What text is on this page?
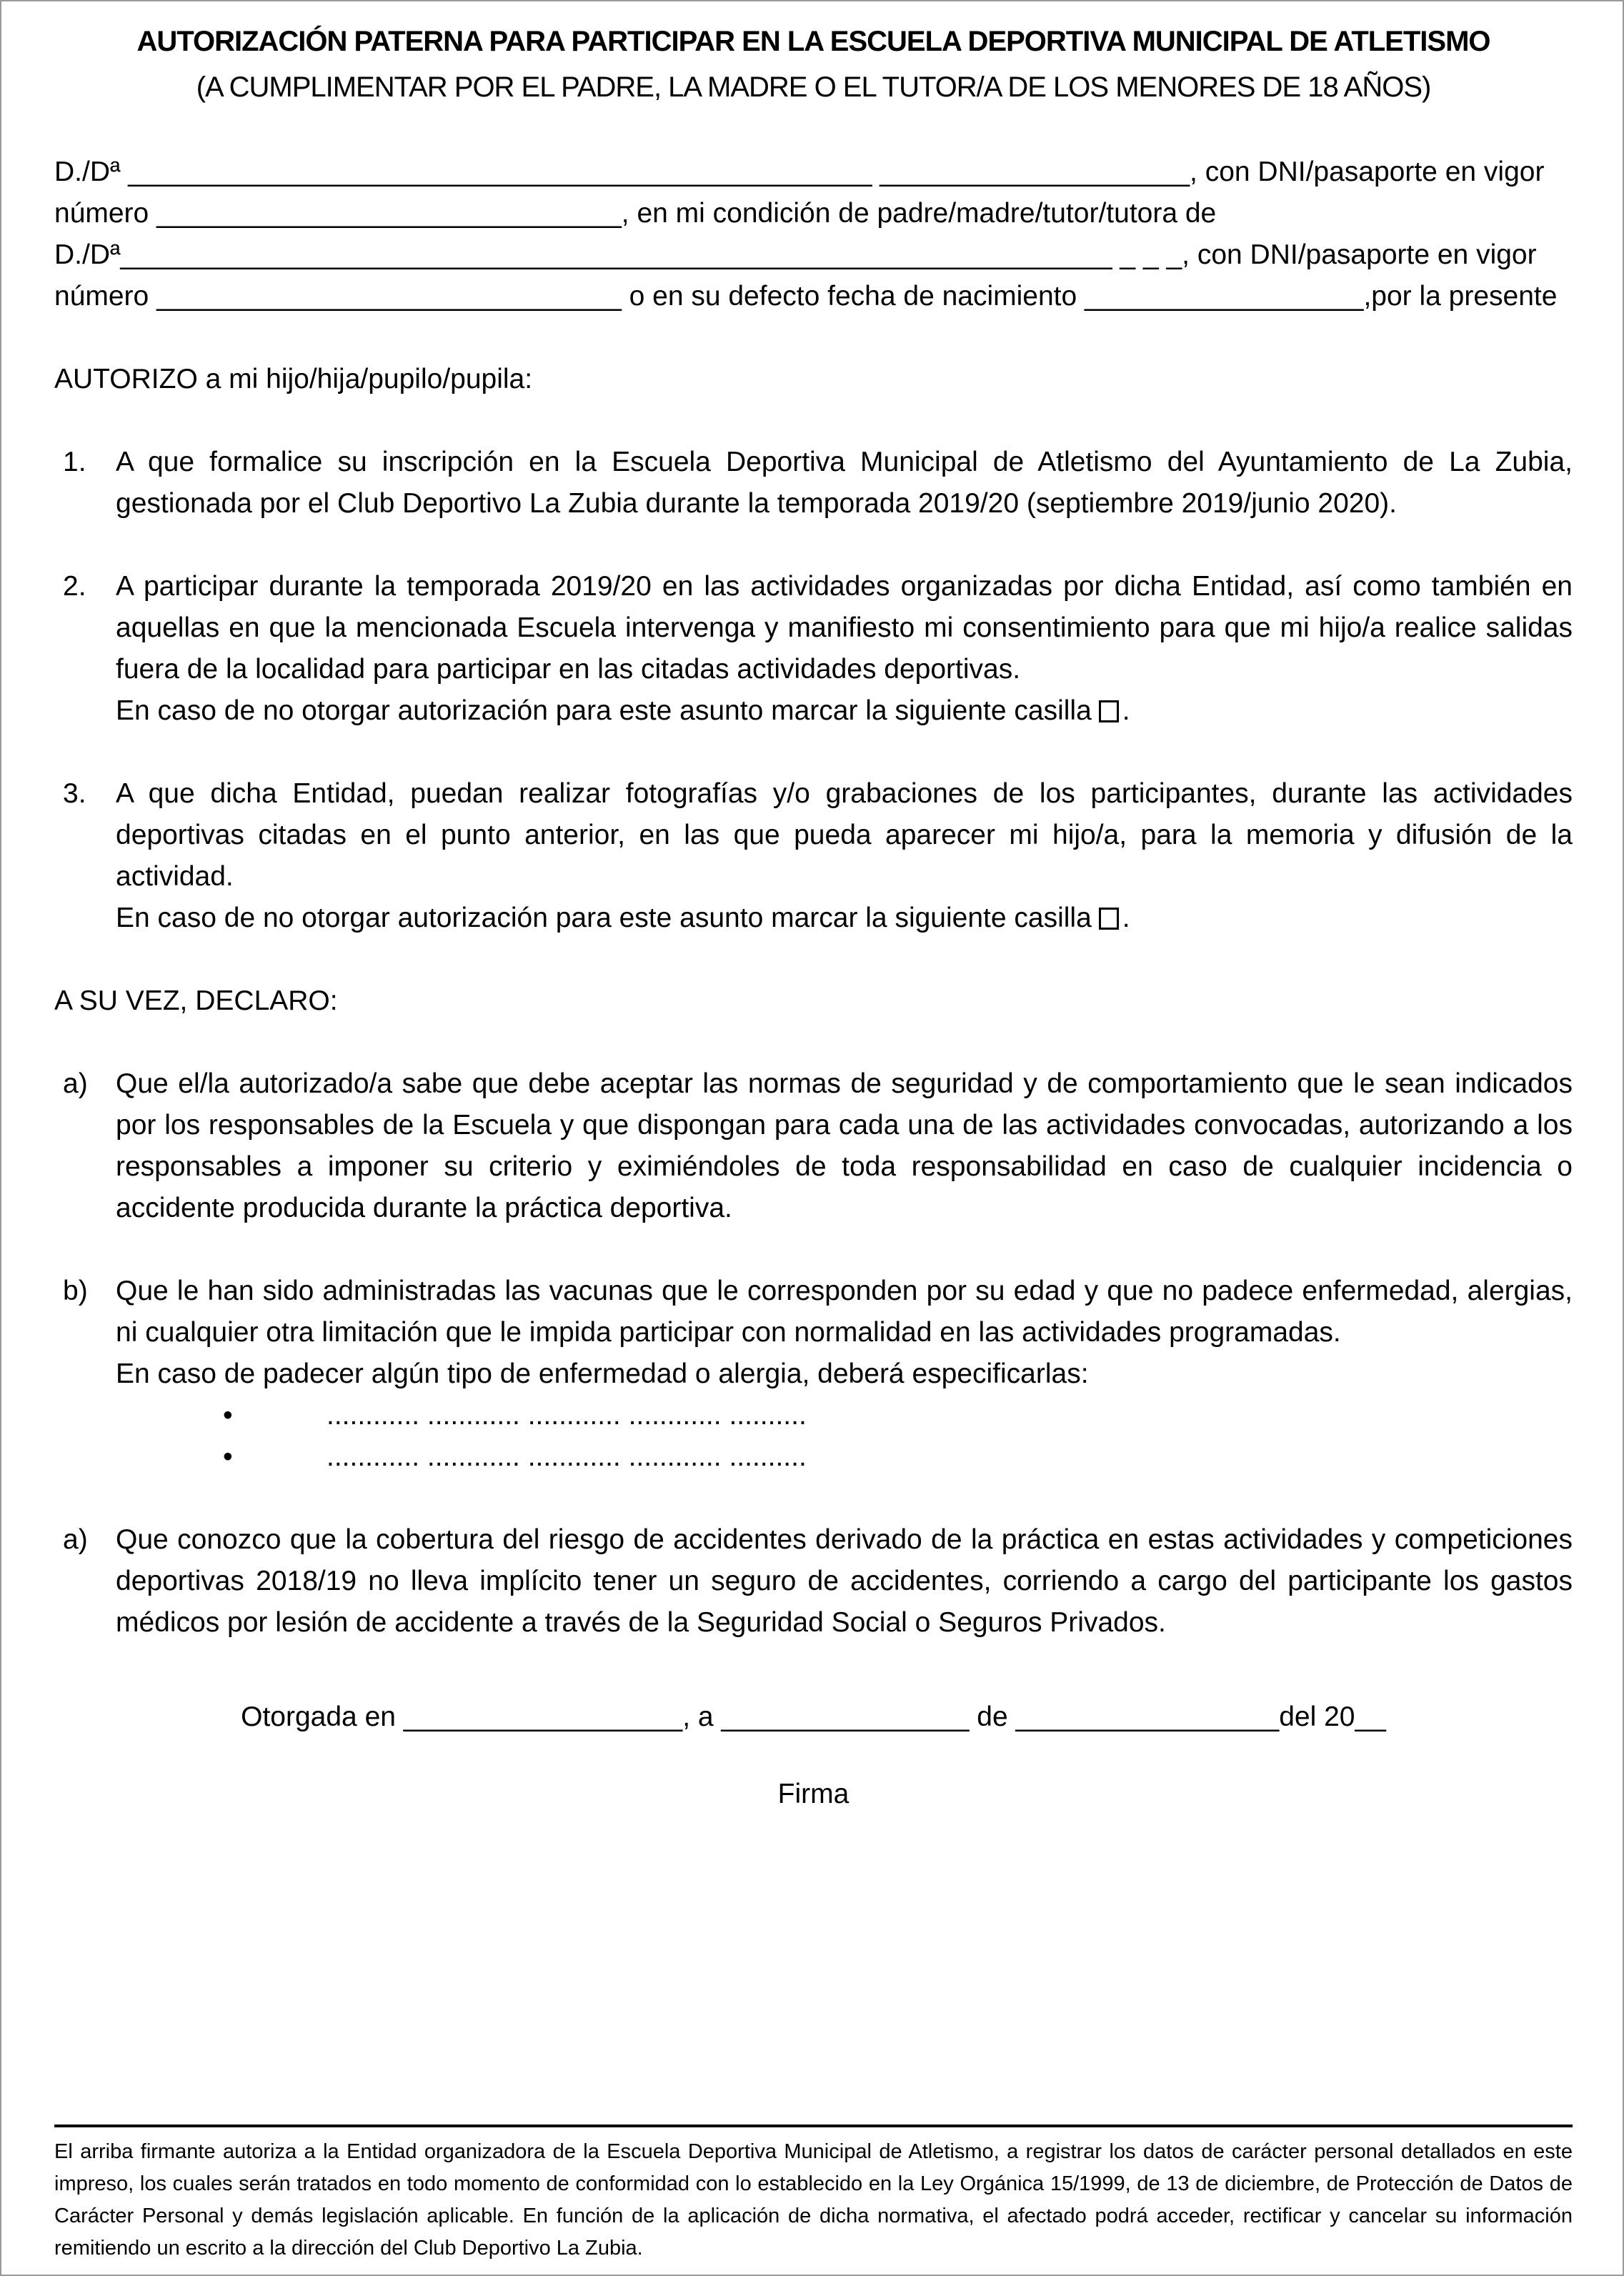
AUTORIZACIÓN PATERNA PARA PARTICIPAR EN LA ESCUELA DEPORTIVA MUNICIPAL DE ATLETISMO
(A CUMPLIMENTAR POR EL PADRE, LA MADRE O EL TUTOR/A DE LOS MENORES DE 18 AÑOS)
D./Dª ________________________________________________ ____________________, con DNI/pasaporte en vigor
número ______________________________, en mi condición de padre/madre/tutor/tutora de
D./Dª________________________________________________________________ _ _ _, con DNI/pasaporte en vigor
número ______________________________ o en su defecto fecha de nacimiento __________________,por la presente
AUTORIZO a mi hijo/hija/pupilo/pupila:
1.	A que formalice su inscripción en la Escuela Deportiva Municipal de Atletismo del Ayuntamiento de La Zubia, gestionada por el Club Deportivo La Zubia durante la temporada 2019/20 (septiembre 2019/junio 2020).

2.	A participar durante la temporada 2019/20 en las actividades organizadas por dicha Entidad, así como también en aquellas en que la mencionada Escuela intervenga y manifiesto mi consentimiento para que mi hijo/a realice salidas fuera de la localidad para participar en las citadas actividades deportivas.

En caso de no otorgar autorización para este asunto marcar la siguiente casilla .

3.	A que dicha Entidad, puedan realizar fotografías y/o grabaciones de los participantes, durante las actividades deportivas citadas en el punto anterior, en las que pueda aparecer mi hijo/a, para la memoria y difusión de la actividad.

En caso de no otorgar autorización para este asunto marcar la siguiente casilla .

A SU VEZ, DECLARO:
a)	Que el/la autorizado/a sabe que debe aceptar las normas de seguridad y de comportamiento que le sean indicados por los responsables de la Escuela y que dispongan para cada una de las actividades convocadas, autorizando a los responsables a imponer su criterio y eximiéndoles de toda responsabilidad en caso de cualquier incidencia o accidente producida durante la práctica deportiva.

b)	Que le han sido administradas las vacunas que le corresponden por su edad y que no padece enfermedad, alergias, ni cualquier otra limitación que le impida participar con normalidad en las actividades programadas.

En caso de padecer algún tipo de enfermedad o alergia, deberá especificarlas:

•	............ ............ ............ ............ ..........
•	............ ............ ............ ............ ..........
a)	Que conozco que la cobertura del riesgo de accidentes derivado de la práctica en estas actividades y competiciones deportivas 2018/19 no lleva implícito tener un seguro de accidentes, corriendo a cargo del participante los gastos médicos por lesión de accidente a través de la Seguridad Social o Seguros Privados.

Otorgada en __________________, a ________________ de _________________del 20__
Firma

El arriba firmante autoriza a la Entidad organizadora de la Escuela Deportiva Municipal de Atletismo, a registrar los datos de carácter personal detallados en este impreso, los cuales serán tratados en todo momento de conformidad con lo establecido en la Ley Orgánica 15/1999, de 13 de diciembre, de Protección de Datos de Carácter Personal y demás legislación aplicable. En función de la aplicación de dicha normativa, el afectado podrá acceder, rectificar y cancelar su información remitiendo un escrito a la dirección del Club Deportivo La Zubia.
